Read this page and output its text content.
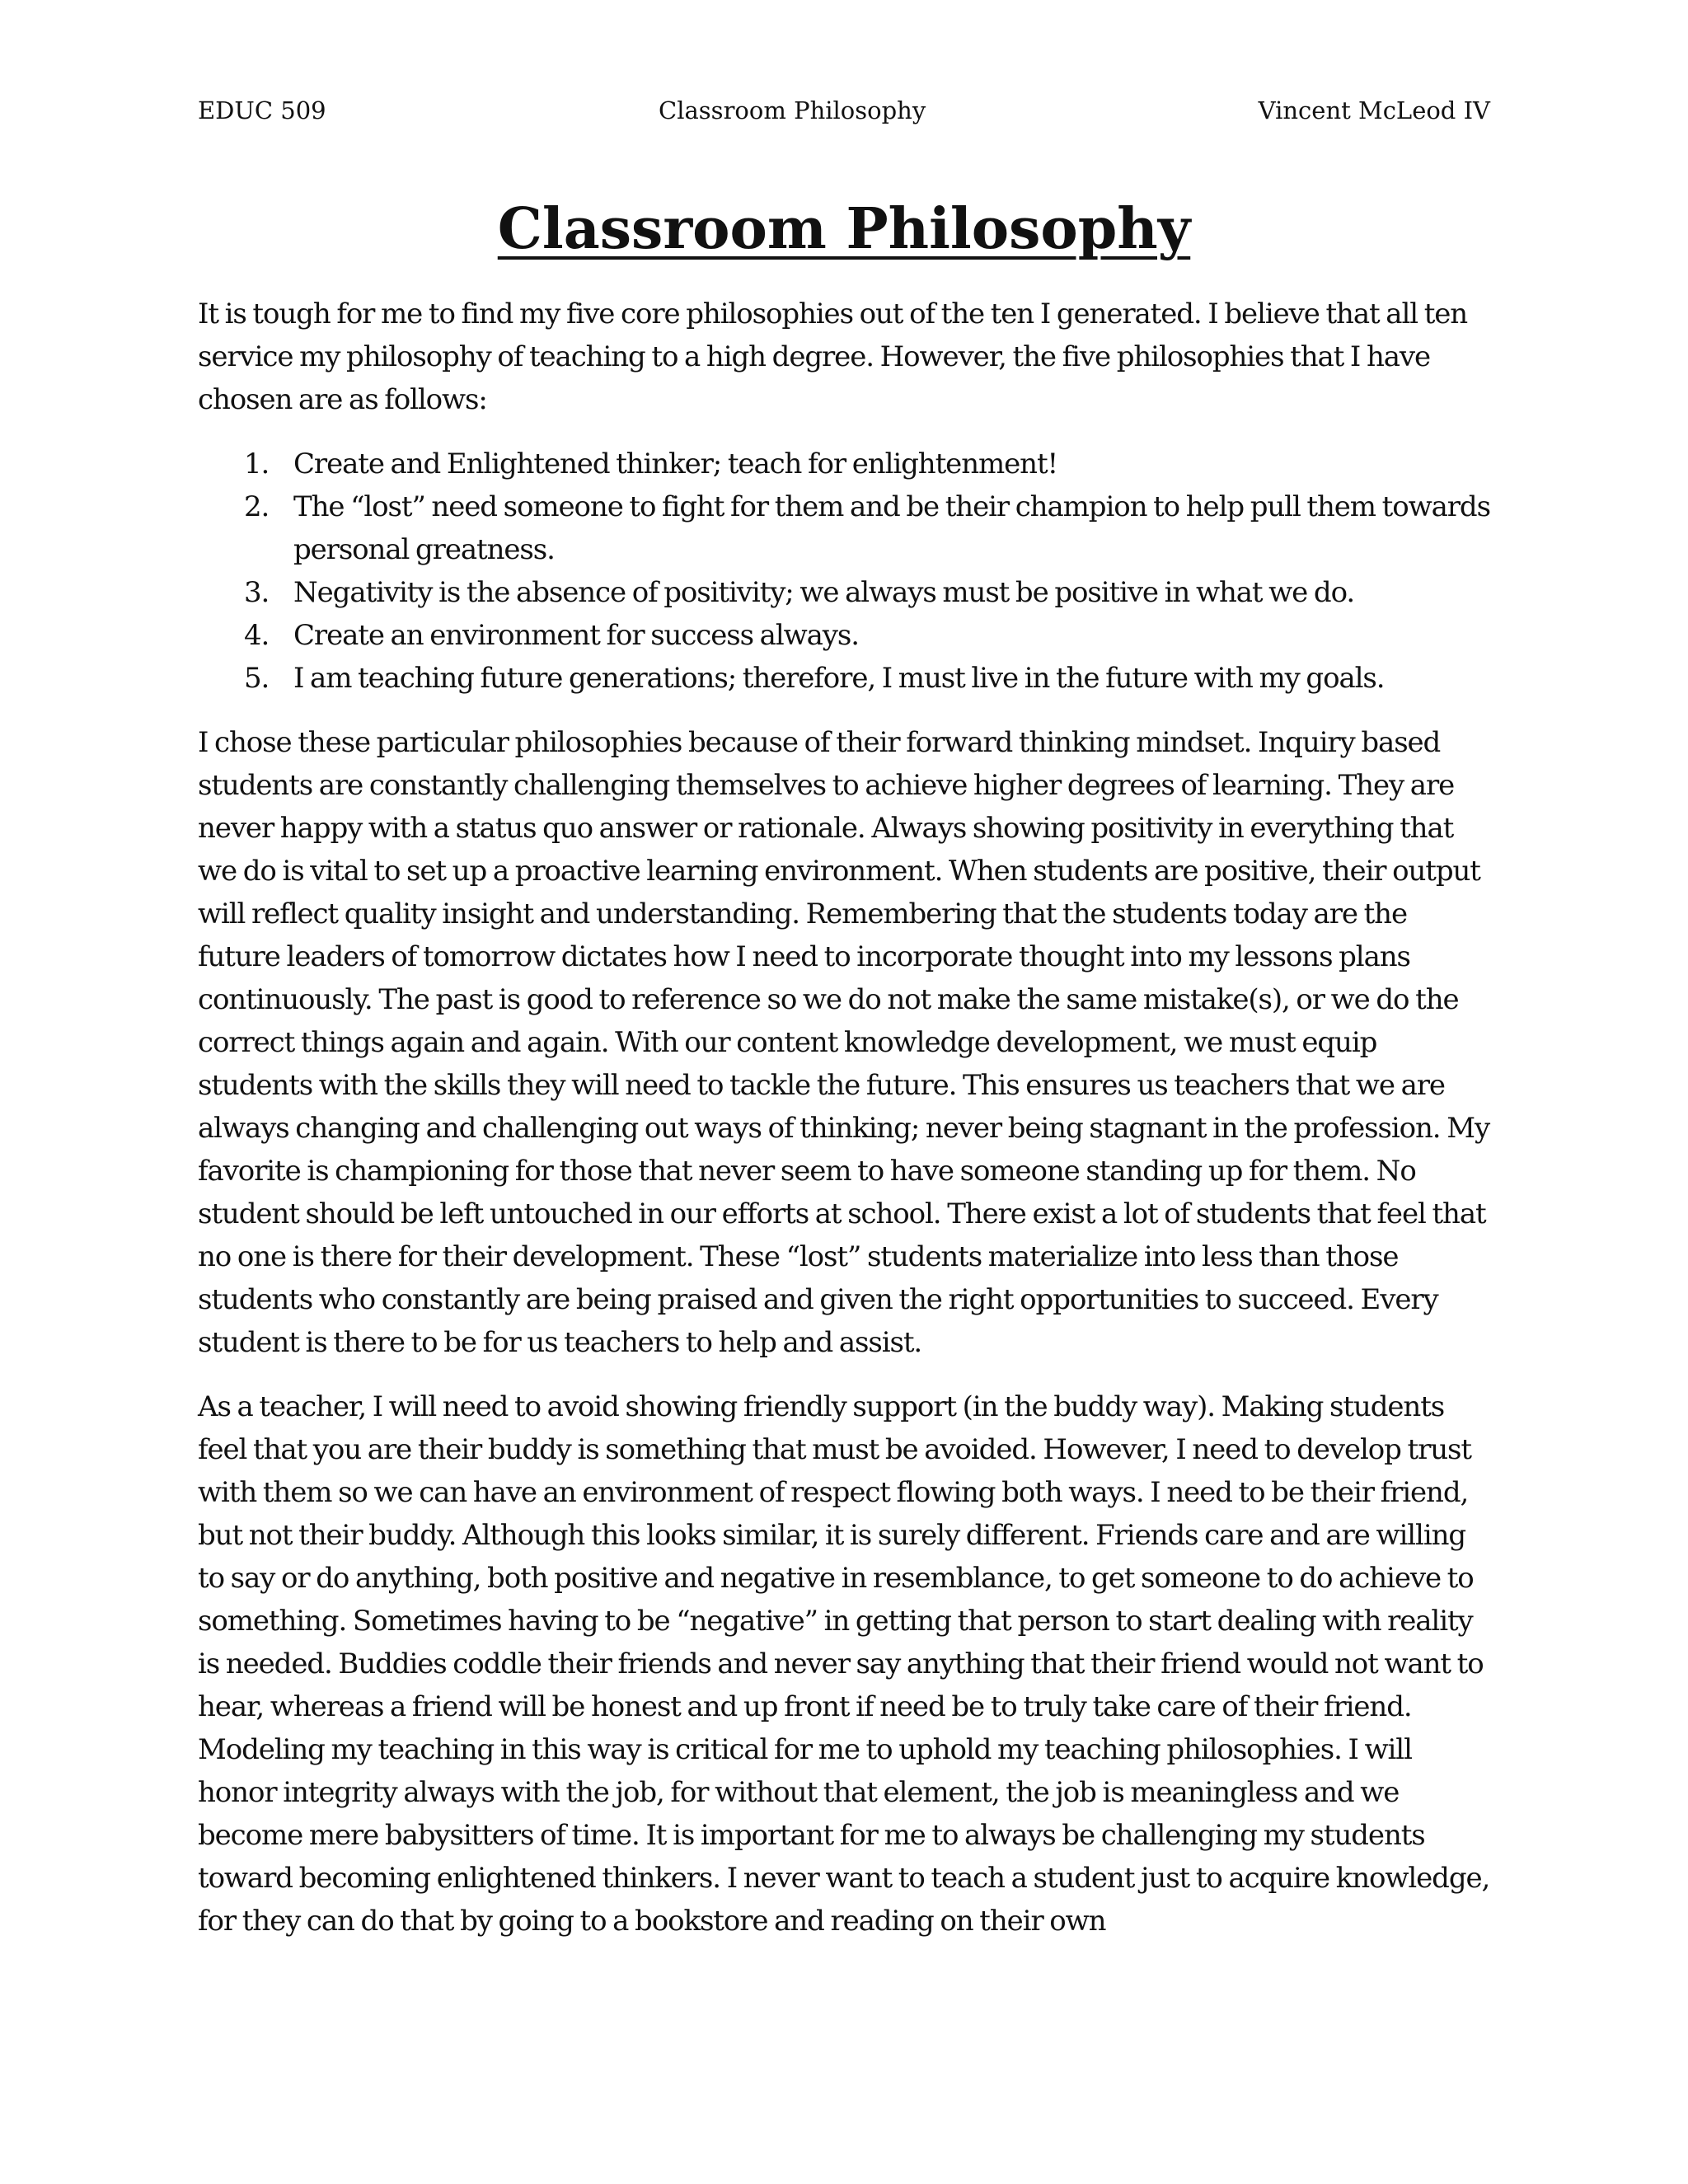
EDUC 509	Classroom Philosophy	Vincent McLeod IV
Classroom Philosophy

It is tough for me to find my five core philosophies out of the ten I generated. I believe that all ten service my philosophy of teaching to a high degree. However, the five philosophies that I have chosen are as follows:

1. Create and Enlightened thinker; teach for enlightenment!
2. The “lost” need someone to fight for them and be their champion to help pull them towards personal greatness.
3. Negativity is the absence of positivity; we always must be positive in what we do.
4. Create an environment for success always.
5. I am teaching future generations; therefore, I must live in the future with my goals.

I chose these particular philosophies because of their forward thinking mindset. Inquiry based students are constantly challenging themselves to achieve higher degrees of learning. They are never happy with a status quo answer or rationale. Always showing positivity in everything that we do is vital to set up a proactive learning environment. When students are positive, their output will reflect quality insight and understanding. Remembering that the students today are the future leaders of tomorrow dictates how I need to incorporate thought into my lessons plans continuously. The past is good to reference so we do not make the same mistake(s), or we do the correct things again and again. With our content knowledge development, we must equip students with the skills they will need to tackle the future. This ensures us teachers that we are always changing and challenging out ways of thinking; never being stagnant in the profession. My favorite is championing for those that never seem to have someone standing up for them. No student should be left untouched in our efforts at school. There exist a lot of students that feel that no one is there for their development. These “lost” students materialize into less than those students who constantly are being praised and given the right opportunities to succeed. Every student is there to be for us teachers to help and assist.

As a teacher, I will need to avoid showing friendly support (in the buddy way). Making students feel that you are their buddy is something that must be avoided. However, I need to develop trust with them so we can have an environment of respect flowing both ways. I need to be their friend, but not their buddy. Although this looks similar, it is surely different. Friends care and are willing to say or do anything, both positive and negative in resemblance, to get someone to do achieve to something. Sometimes having to be “negative” in getting that person to start dealing with reality is needed. Buddies coddle their friends and never say anything that their friend would not want to hear, whereas a friend will be honest and up front if need be to truly take care of their friend. Modeling my teaching in this way is critical for me to uphold my teaching philosophies. I will honor integrity always with the job, for without that element, the job is meaningless and we become mere babysitters of time. It is important for me to always be challenging my students toward becoming enlightened thinkers. I never want to teach a student just to acquire knowledge, for they can do that by going to a bookstore and reading on their own
